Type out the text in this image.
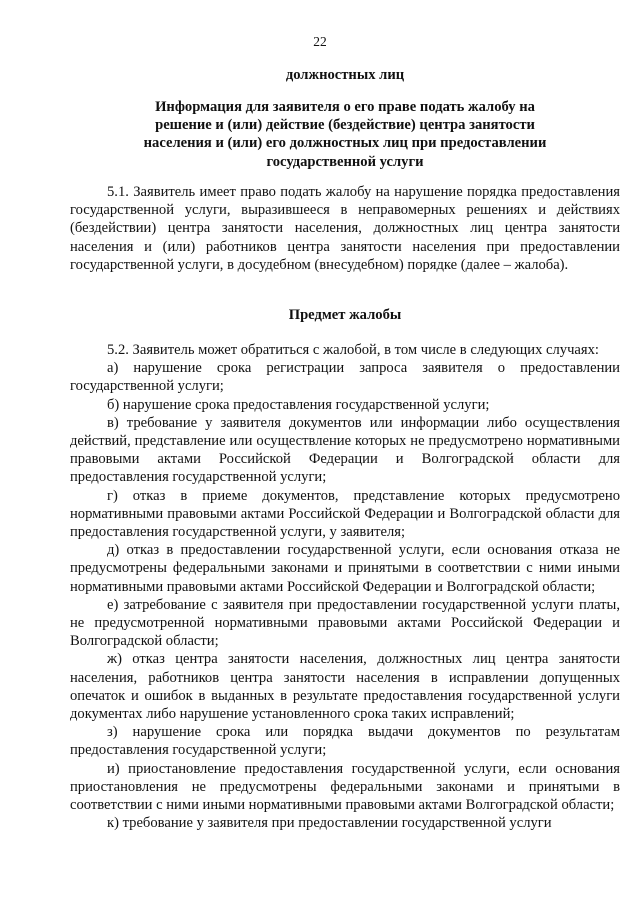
22
должностных лиц
Информация для заявителя о его праве подать жалобу на решение и (или) действие (бездействие) центра занятости населения и (или) его должностных лиц при предоставлении государственной услуги

5.1. Заявитель имеет право подать жалобу на нарушение порядка предоставления государственной услуги, выразившееся в неправомерных решениях и действиях (бездействии) центра занятости населения, должностных лиц центра занятости населения и (или) работников центра занятости населения при предоставлении государственной услуги, в досудебном (внесудебном) порядке (далее – жалоба).

Предмет жалобы

5.2. Заявитель может обратиться с жалобой, в том числе в следующих случаях:

а) нарушение срока регистрации запроса заявителя о предоставлении государственной услуги;

б) нарушение срока предоставления государственной услуги;

в) требование у заявителя документов или информации либо осуществления действий, представление или осуществление которых не предусмотрено нормативными правовыми актами Российской Федерации и Волгоградской области для предоставления государственной услуги;

г) отказ в приеме документов, представление которых предусмотрено нормативными правовыми актами Российской Федерации и Волгоградской области для предоставления государственной услуги, у заявителя;

д) отказ в предоставлении государственной услуги, если основания отказа не предусмотрены федеральными законами и принятыми в соответствии с ними иными нормативными правовыми актами Российской Федерации и Волгоградской области;

е) затребование с заявителя при предоставлении государственной услуги платы, не предусмотренной нормативными правовыми актами Российской Федерации и Волгоградской области;

ж) отказ центра занятости населения, должностных лиц центра занятости населения, работников центра занятости населения в исправлении допущенных опечаток и ошибок в выданных в результате предоставления государственной услуги документах либо нарушение установленного срока таких исправлений;

з) нарушение срока или порядка выдачи документов по результатам предоставления государственной услуги;

и) приостановление предоставления государственной услуги, если основания приостановления не предусмотрены федеральными законами и принятыми в соответствии с ними иными нормативными правовыми актами Волгоградской области;

к) требование у заявителя при предоставлении государственной услуги
